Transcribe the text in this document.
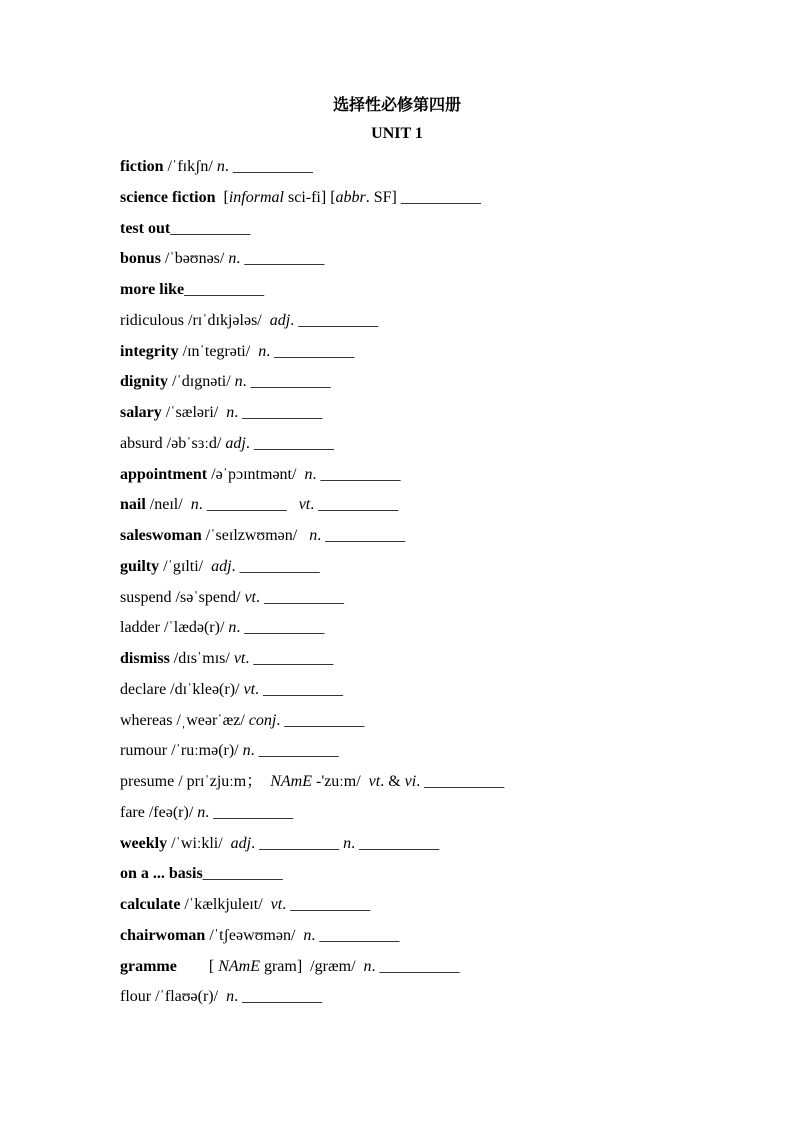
选择性必修第四册
UNIT 1
fiction /ˈfɪkʃn/ n. __________
science fiction  [informal sci-fi] [abbr. SF] __________
test out__________
bonus /ˈbəʊnəs/ n. __________
more like__________
ridiculous /rɪˈdɪkjələs/  adj. __________
integrity /ɪnˈtegrəti/  n. __________
dignity /ˈdɪgnəti/ n. __________
salary /ˈsæləri/  n. __________
absurd /əbˈsɜːd/ adj. __________
appointment /əˈpɔɪntmənt/  n. __________
nail /neɪl/  n. __________   vt. __________
saleswoman /ˈseɪlzwʊmən/   n. __________
guilty /ˈgɪlti/  adj. __________
suspend /səˈspend/ vt. __________
ladder /ˈlædə(r)/ n. __________
dismiss /dɪsˈmɪs/ vt. __________
declare /dɪˈkleə(r)/ vt. __________
whereas /ˌweərˈæz/ conj. __________
rumour /ˈruːmə(r)/ n. __________
presume / prɪˈzjuːm；  NAmE -'zuːm/  vt. & vi. __________
fare /feə(r)/ n. __________
weekly /ˈwiːkli/  adj. __________ n. __________
on a ... basis__________
calculate /ˈkælkjuleɪt/  vt. __________
chairwoman /ˈtʃeəwʊmən/  n. __________
gramme        [ NAmE gram]  /græm/  n. __________
flour /ˈflaʊə(r)/  n. __________
